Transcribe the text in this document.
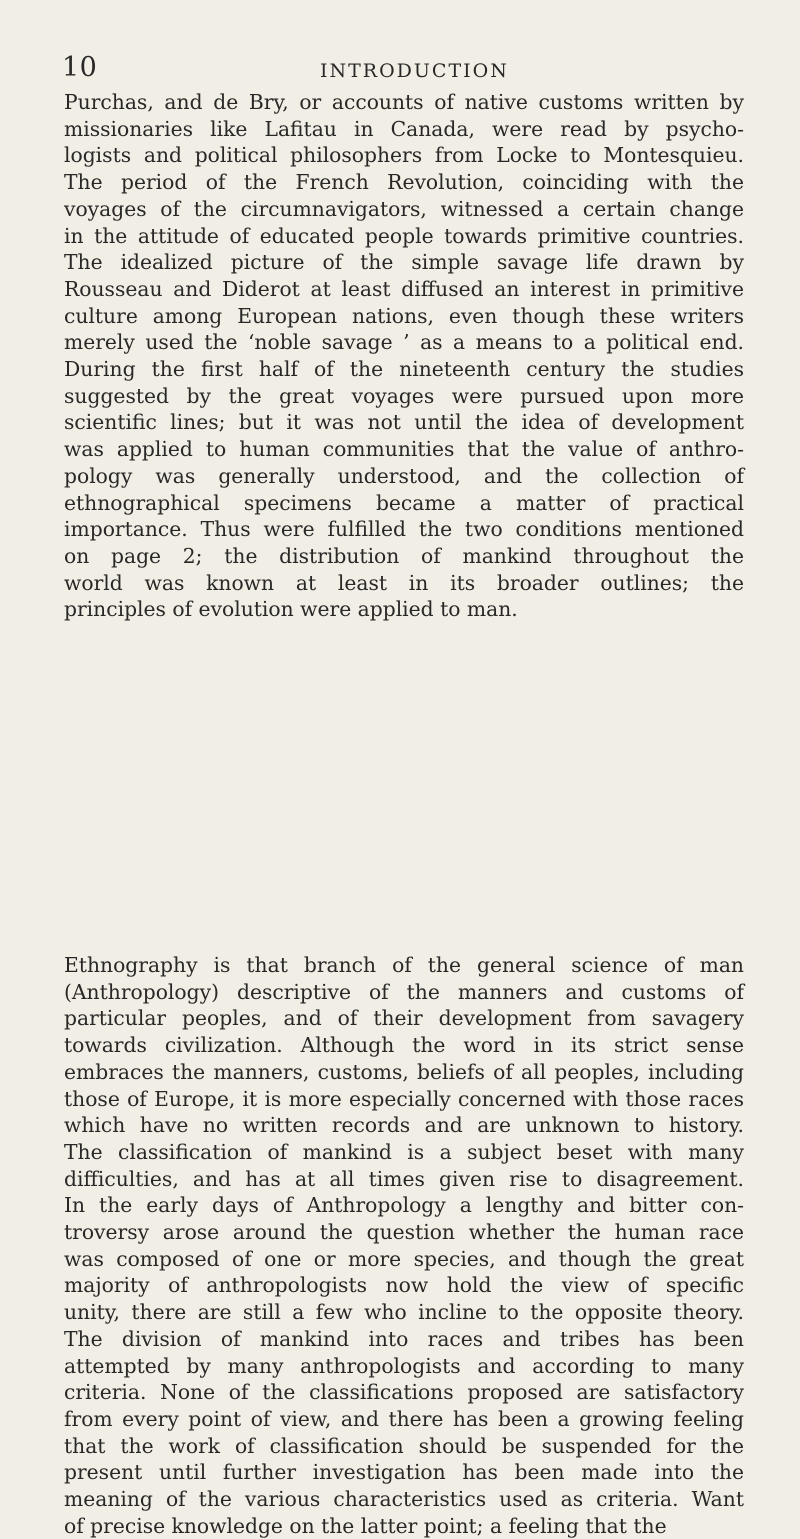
10	INTRODUCTION
Purchas, and de Bry, or accounts of native customs written by
missionaries like Lafitau in Canada, were read by psycho-
logists and political philosophers from Locke to Montesquieu.
The period of the French Revolution, coinciding with the
voyages of the circumnavigators, witnessed a certain change
in the attitude of educated people towards primitive countries.
The idealized picture of the simple savage life drawn by
Rousseau and Diderot at least diffused an interest in primitive
culture among European nations, even though these writers
merely used the ‘noble savage ’ as a means to a political end.
During the first half of the nineteenth century the studies
suggested by the great voyages were pursued upon more
scientific lines; but it was not until the idea of development
was applied to human communities that the value of anthro-
pology was generally understood, and the collection of
ethnographical specimens became a matter of practical
importance. Thus were fulfilled the two conditions mentioned
on page 2; the distribution of mankind throughout the
world was known at least in its broader outlines; the
principles of evolution were applied to man.
Ethnography is that branch of the general science of man
(Anthropology) descriptive of the manners and customs of
particular peoples, and of their development from savagery
towards civilization. Although the word in its strict sense
embraces the manners, customs, beliefs of all peoples, including
those of Europe, it is more especially concerned with those races
which have no written records and are unknown to history.
The classification of mankind is a subject beset with many
difficulties, and has at all times given rise to disagreement.
In the early days of Anthropology a lengthy and bitter con-
troversy arose around the question whether the human race
was composed of one or more species, and though the great
majority of anthropologists now hold the view of specific
unity, there are still a few who incline to the opposite theory.
The division of mankind into races and tribes has been
attempted by many anthropologists and according to many
criteria. None of the classifications proposed are satisfactory
from every point of view, and there has been a growing feeling
that the work of classification should be suspended for the
present until further investigation has been made into the
meaning of the various characteristics used as criteria. Want
of precise knowledge on the latter point; a feeling that the
